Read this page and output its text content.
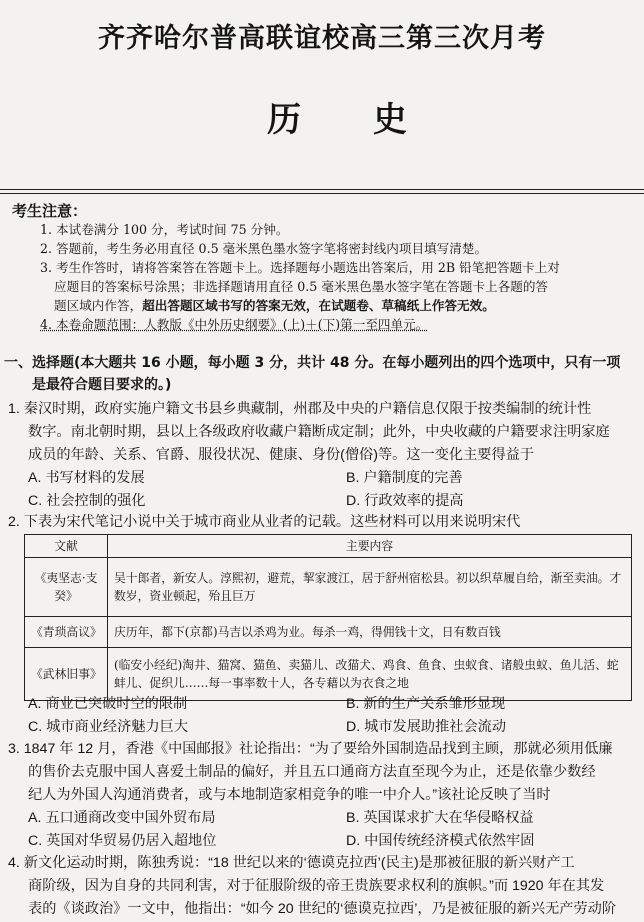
齐齐哈尔普高联谊校高三第三次月考
历 史
考生注意：
1. 本试卷满分 100 分，考试时间 75 分钟。
2. 答题前，考生务必用直径 0.5 毫米黑色墨水签字笔将密封线内项目填写清楚。
3. 考生作答时，请将答案答在答题卡上。选择题每小题选出答案后，用 2B 铅笔把答题卡上对
应题目的答案标号涂黑；非选择题请用直径 0.5 毫米黑色墨水签字笔在答题卡上各题的答
题区域内作答，超出答题区域书写的答案无效，在试题卷、草稿纸上作答无效。
4. 本卷命题范围：人教版《中外历史纲要》(上)＋(下)第一至四单元。
一、选择题(本大题共 16 小题，每小题 3 分，共计 48 分。在每小题列出的四个选项中，只有一项
是最符合题目要求的。)

1. 秦汉时期，政府实施户籍文书县乡典藏制，州郡及中央的户籍信息仅限于按类编制的统计性

数字。南北朝时期，县以上各级政府收藏户籍断成定制；此外，中央收藏的户籍要求注明家庭

成员的年龄、关系、官爵、服役状况、健康、身份(僧俗)等。这一变化主要得益于

A. 书写材料的发展	B. 户籍制度的完善
C. 社会控制的强化	D. 行政效率的提高

2. 下表为宋代笔记小说中关于城市商业从业者的记载。这些材料可以用来说明宋代

文献	主要内容
《夷坚志·支癸》	吴十郎者，新安人。淳熙初，避荒，挈家渡江，居于舒州宿松县。初以织草履自给，渐至卖油。才数岁，资业顿起，殆且巨万
《青琐高议》	庆历年，都下(京都)马吉以杀鸡为业。每杀一鸡，得佣钱十文，日有数百钱
《武林旧事》	(临安小经纪)淘井、猫窝、猫鱼、卖猫儿、改猫犬、鸡食、鱼食、虫蚁食、诸般虫蚁、鱼儿活、蛇蚌儿、促织儿……每一事率数十人，各专藉以为衣食之地
A. 商业已突破时空的限制	B. 新的生产关系雏形显现
C. 城市商业经济魅力巨大	D. 城市发展助推社会流动

3. 1847 年 12 月，香港《中国邮报》社论指出：“为了要给外国制造品找到主顾，那就必须用低廉

的售价去克服中国人喜爱土制品的偏好，并且五口通商方法直至现今为止，还是依靠少数经

纪人为外国人沟通消费者，或与本地制造家相竞争的唯一中介人。”该社论反映了当时

A. 五口通商改变中国外贸布局	B. 英国谋求扩大在华侵略权益
C. 英国对华贸易仍居入超地位	D. 中国传统经济模式依然牢固

4. 新文化运动时期，陈独秀说：“18 世纪以来的‘德谟克拉西’(民主)是那被征服的新兴财产工

商阶级，因为自身的共同利害，对于征服阶级的帝王贵族要求权利的旗帜。”而 1920 年在其发

表的《谈政治》一文中，他指出：“如今 20 世纪的‘德谟克拉西’，乃是被征服的新兴无产劳动阶
